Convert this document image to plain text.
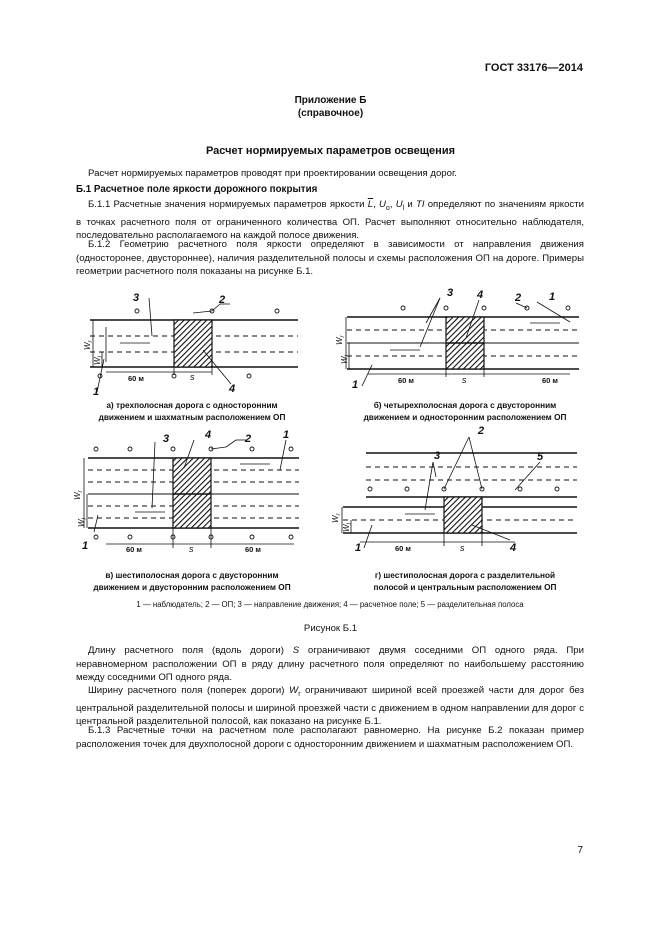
ГОСТ 33176—2014
Приложение Б
(справочное)
Расчет нормируемых параметров освещения
Расчет нормируемых параметров проводят при проектировании освещения дорог.
Б.1 Расчетное поле яркости дорожного покрытия
Б.1.1 Расчетные значения нормируемых параметров яркости $\overline{L}$, $U_o$, $U_l$ и TI определяют по значениям яркости в точках расчетного поля от ограниченного количества ОП. Расчет выполняют относительно наблюдателя, последовательно располагаемого на каждой полосе движения.
Б.1.2 Геометрию расчетного поля яркости определяют в зависимости от направления движения (односторонее, двустороннее), наличия разделительной полосы и схемы расположения ОП на дороге. Примеры геометрии расчетного поля показаны на рисунке Б.1.
3	2
4
1
3 4	2	1
1
3	4	2	1
1
3
2
5
4
1
60 м	60 м	60 м
60 м	60 м	60 м
s	s
s	s
$W_r$
$W_l$
$W_r$
$W_l$
$W_r$
$W_l$	$W_r$
$W_l$
а) трехполосная дорога с односторонним
движением и шахматным расположением ОП
б) четырехполосная дорога с двусторонним
движением и односторонним расположением ОП
в) шестиполосная дорога с двусторонним
движением и двусторонним расположением ОП
г) шестиполосная дорога с разделительной
полосой и центральным расположением ОП
1 — наблюдатель; 2 — ОП; 3 — направление движения; 4 — расчетное поле; 5 — разделительная полоса
Рисунок Б.1
Длину расчетного поля (вдоль дороги) S ограничивают двумя соседними ОП одного ряда. При неравномерном расположении ОП в ряду длину расчетного поля определяют по наибольшему расстоянию между соседними ОП одного ряда.
Ширину расчетного поля (поперек дороги) $W_r$ ограничивают шириной всей проезжей части для дорог без центральной разделительной полосы и шириной проезжей части с движением в одном направлении для дорог с центральной разделительной полосой, как показано на рисунке Б.1.
Б.1.3 Расчетные точки на расчетном поле располагают равномерно. На рисунке Б.2 показан пример расположения точек для двухполосной дороги с односторонним движением и шахматным расположением ОП.
7
